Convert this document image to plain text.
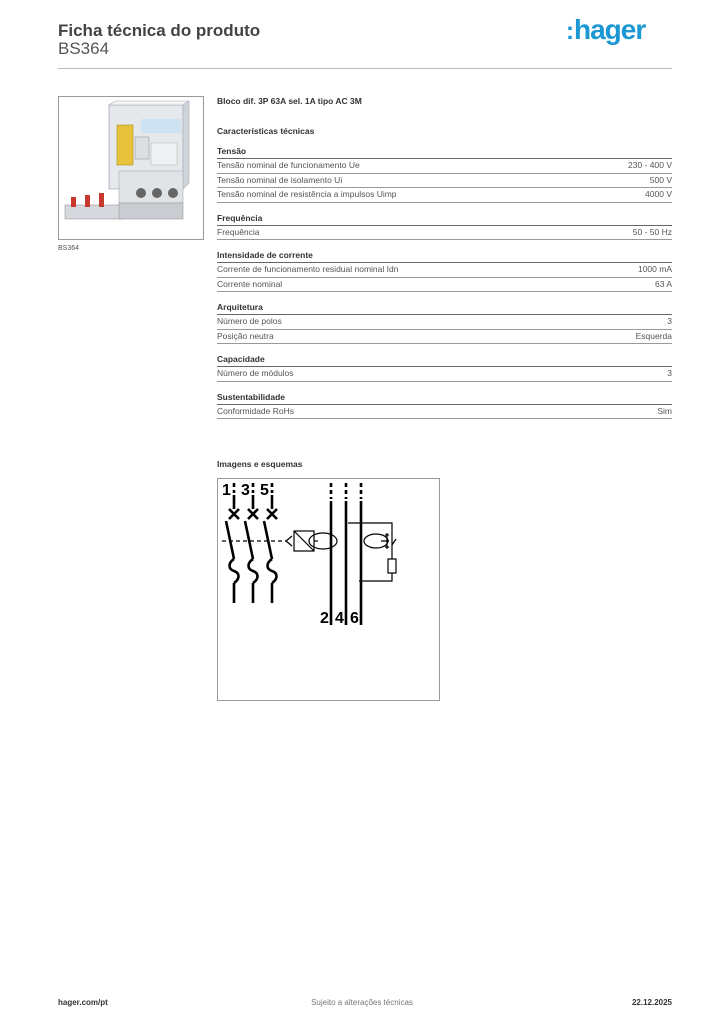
Ficha técnica do produto
BS364
:hager
BS364
Bloco dif. 3P 63A sel. 1A tipo AC 3M
Características técnicas
Tensão
Tensão nominal de funcionamento Ue	230 - 400 V
Tensão nominal de isolamento Ui	500 V
Tensão nominal de resistência a impulsos Uimp	4000 V
Frequência
Frequência	50 - 50 Hz
Intensidade de corrente
Corrente de funcionamento residual nominal Idn	1000 mA
Corrente nominal	63 A
Arquitetura
Número de polos	3
Posição neutra	Esquerda
Capacidade
Número de módulos	3
Sustentabilidade
Conformidade RoHs	Sim
Imagens e esquemas
1 3 5
2 4 6
hager.com/pt	Sujeito a alterações técnicas	22.12.2025
